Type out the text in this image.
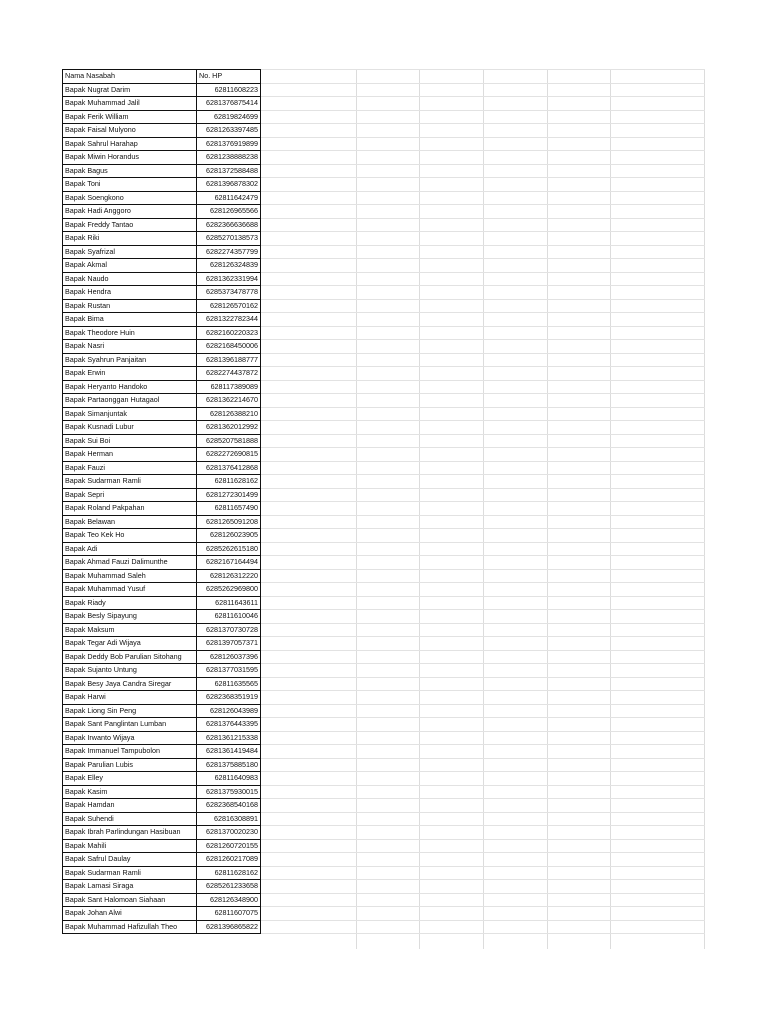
Nama Nasabah	No. HP	
Bapak Nugrat Darim	62811608223	
Bapak Muhammad Jalil	6281376875414	
Bapak Ferik William	62819824699	
Bapak Faisal Mulyono	6281263397485	
Bapak Sahrul Harahap	6281376919899	
Bapak Miwin Horandus	6281238888238	
Bapak Bagus	6281372588488	
Bapak Toni	6281396878302	
Bapak Soengkono	62811642479	
Bapak Hadi Anggoro	628126965566	
Bapak Freddy Tantao	6282366636688	
Bapak Riki	6285270138573	
Bapak Syafrizal	6282274357799	
Bapak Akmal	628126324839	
Bapak Naudo	6281362331994	
Bapak Hendra	6285373478778	
Bapak Rustan	628126570162	
Bapak Bima	6281322782344	
Bapak Theodore Huin	6282160220323	
Bapak Nasri	6282168450006	
Bapak Syahrun Panjaitan	6281396188777	
Bapak Erwin	6282274437872	
Bapak Heryanto Handoko	628117389089	
Bapak Partaonggan Hutagaol	6281362214670	
Bapak Simanjuntak	628126388210	
Bapak Kusnadi Lubur	6281362012992	
Bapak Sui Boi	6285207581888	
Bapak Herman	6282272690815	
Bapak Fauzi	6281376412868	
Bapak Sudarman Ramli	62811628162	
Bapak Sepri	6281272301499	
Bapak Roland Pakpahan	62811657490	
Bapak Belawan	6281265091208	
Bapak Teo Kek Ho	628126023905	
Bapak Adi	6285262615180	
Bapak Ahmad Fauzi Dalimunthe	6282167164494	
Bapak Muhammad Saleh	628126312220	
Bapak Muhammad Yusuf	6285262969800	
Bapak Riady	62811643611	
Bapak Besly Sipayung	62811610046	
Bapak Maksum	6281370730728	
Bapak Tegar Adi Wijaya	6281397057371	
Bapak Deddy Bob Parulian Sitohang	628126037396	
Bapak Sujanto Untung	6281377031595	
Bapak Besy Jaya Candra Siregar	62811635565	
Bapak Harwi	6282368351919	
Bapak Liong Sin Peng	628126043989	
Bapak Sant Panglintan Lumban	6281376443395	
Bapak Irwanto Wijaya	6281361215338	
Bapak Immanuel Tampubolon	6281361419484	
Bapak Parulian Lubis	6281375885180	
Bapak Elley	62811640983	
Bapak Kasim	6281375930015	
Bapak Hamdan	6282368540168	
Bapak Suhendi	62816308891	
Bapak Ibrah Parlindungan Hasibuan	6281370020230	
Bapak Mahili	6281260720155	
Bapak Safrul Daulay	6281260217089	
Bapak Sudarman Ramli	62811628162	
Bapak Lamasi Siraga	6285261233658	
Bapak Sant Halomoan Siahaan	628126348900	
Bapak Johan Alwi	62811607075	
Bapak Muhammad Hafizullah Theo	6281396865822	
